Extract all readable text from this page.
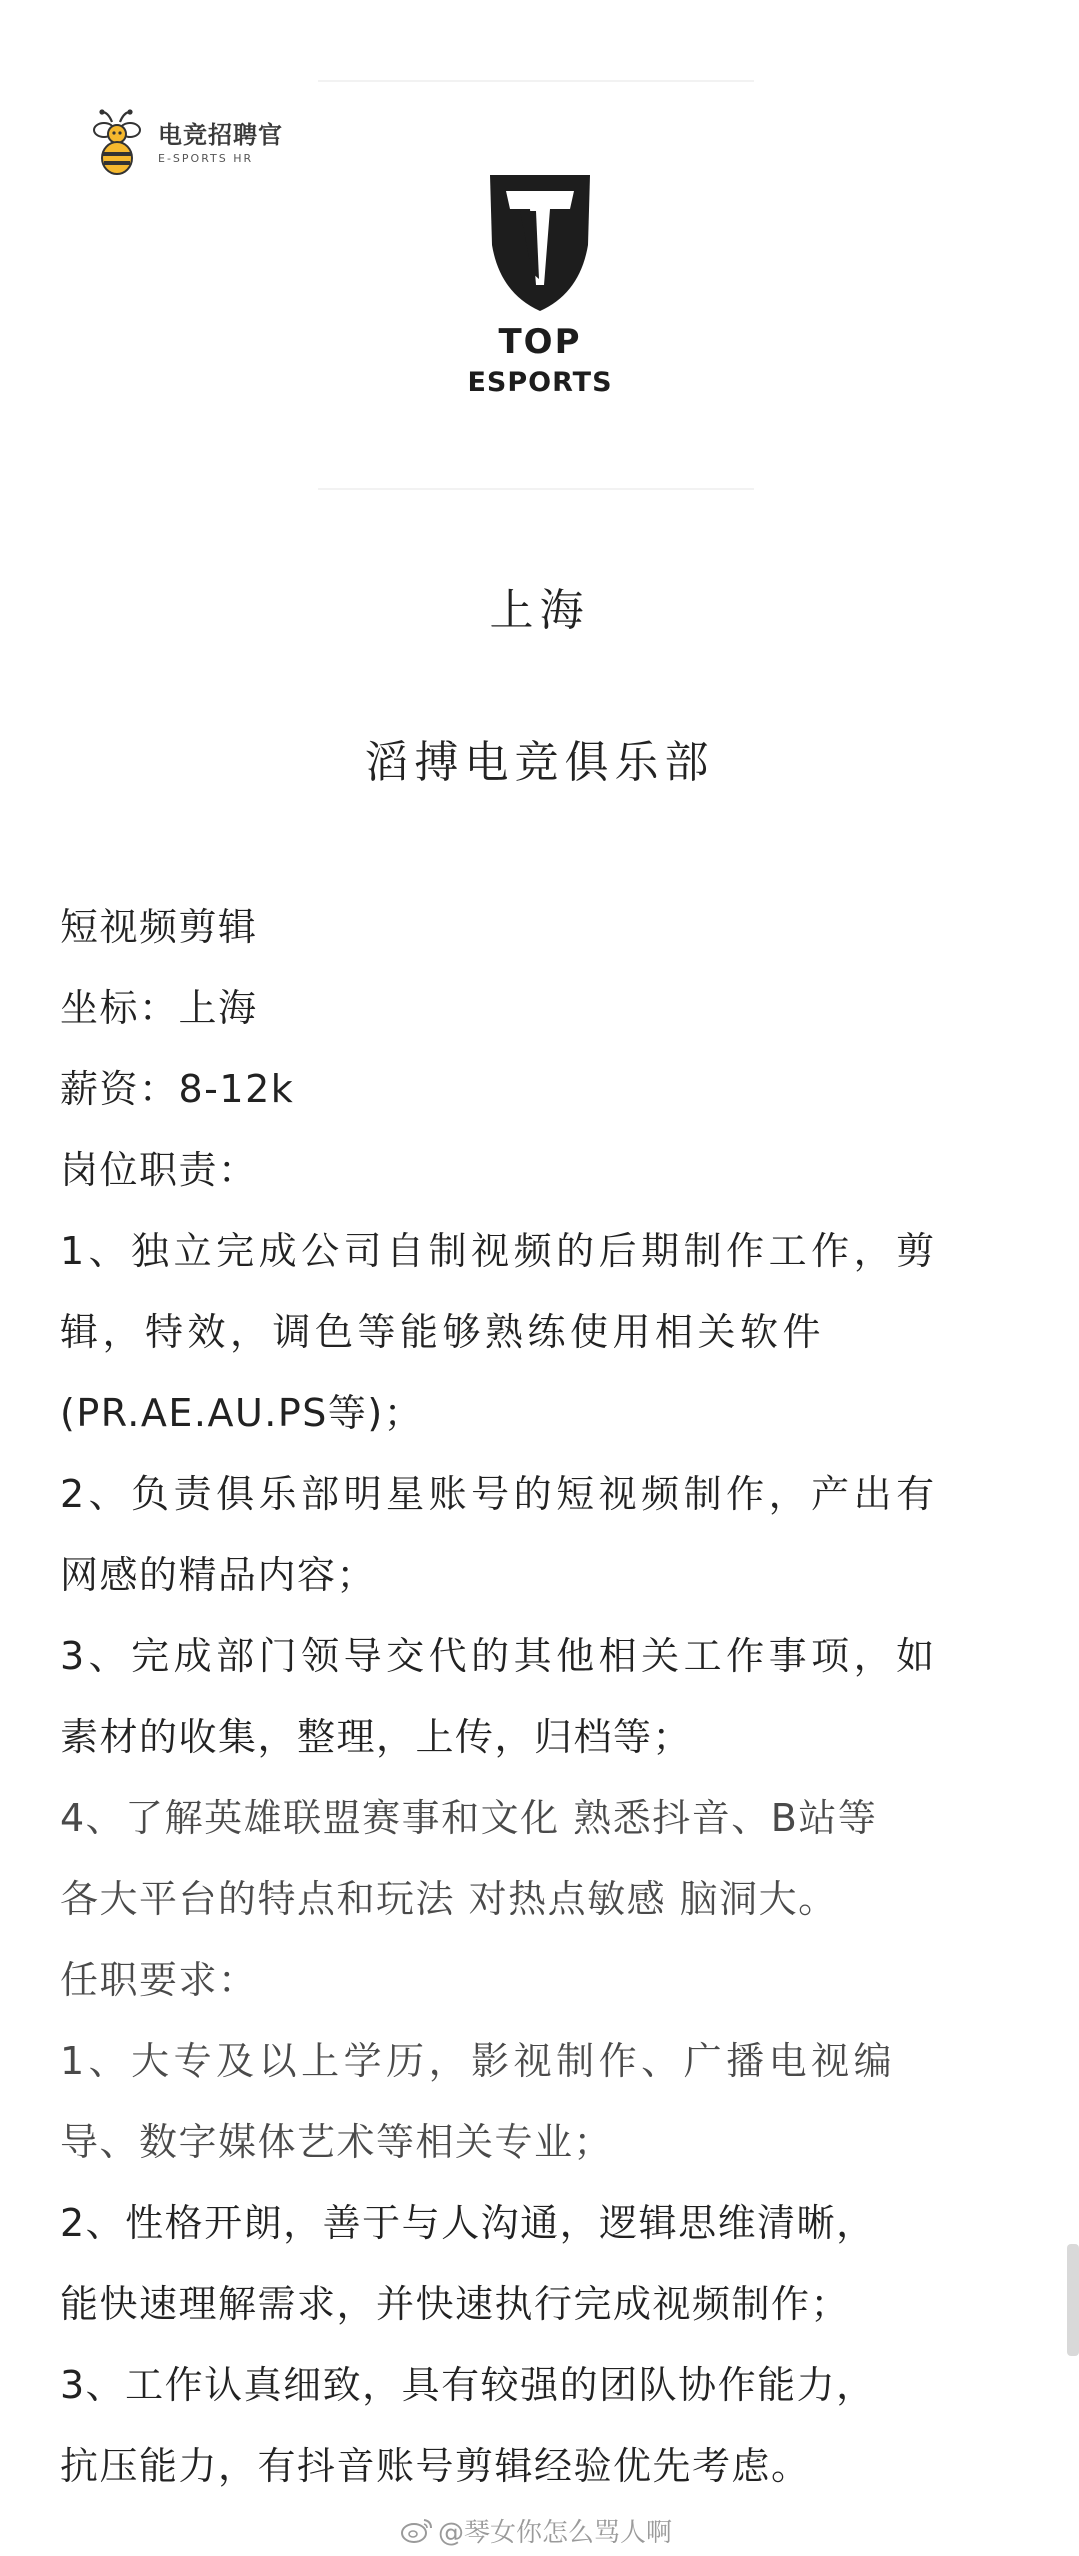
电竞招聘官
E-SPORTS HR
TOP
ESPORTS
上海
滔搏电竞俱乐部
短视频剪辑
坐标：上海
薪资：8-12k
岗位职责：
1、独立完成公司自制视频的后期制作工作，剪
辑，特效，调色等能够熟练使用相关软件
(PR.AE.AU.PS等)；
2、负责俱乐部明星账号的短视频制作，产出有
网感的精品内容；
3、完成部门领导交代的其他相关工作事项，如
素材的收集，整理，上传，归档等；
4、了解英雄联盟赛事和文化 熟悉抖音、B站等
各大平台的特点和玩法 对热点敏感 脑洞大。
任职要求：
1、大专及以上学历，影视制作、广播电视编
导、数字媒体艺术等相关专业；
2、性格开朗，善于与人沟通，逻辑思维清晰，
能快速理解需求，并快速执行完成视频制作；
3、工作认真细致，具有较强的团队协作能力，
抗压能力，有抖音账号剪辑经验优先考虑。
@琴女你怎么骂人啊
